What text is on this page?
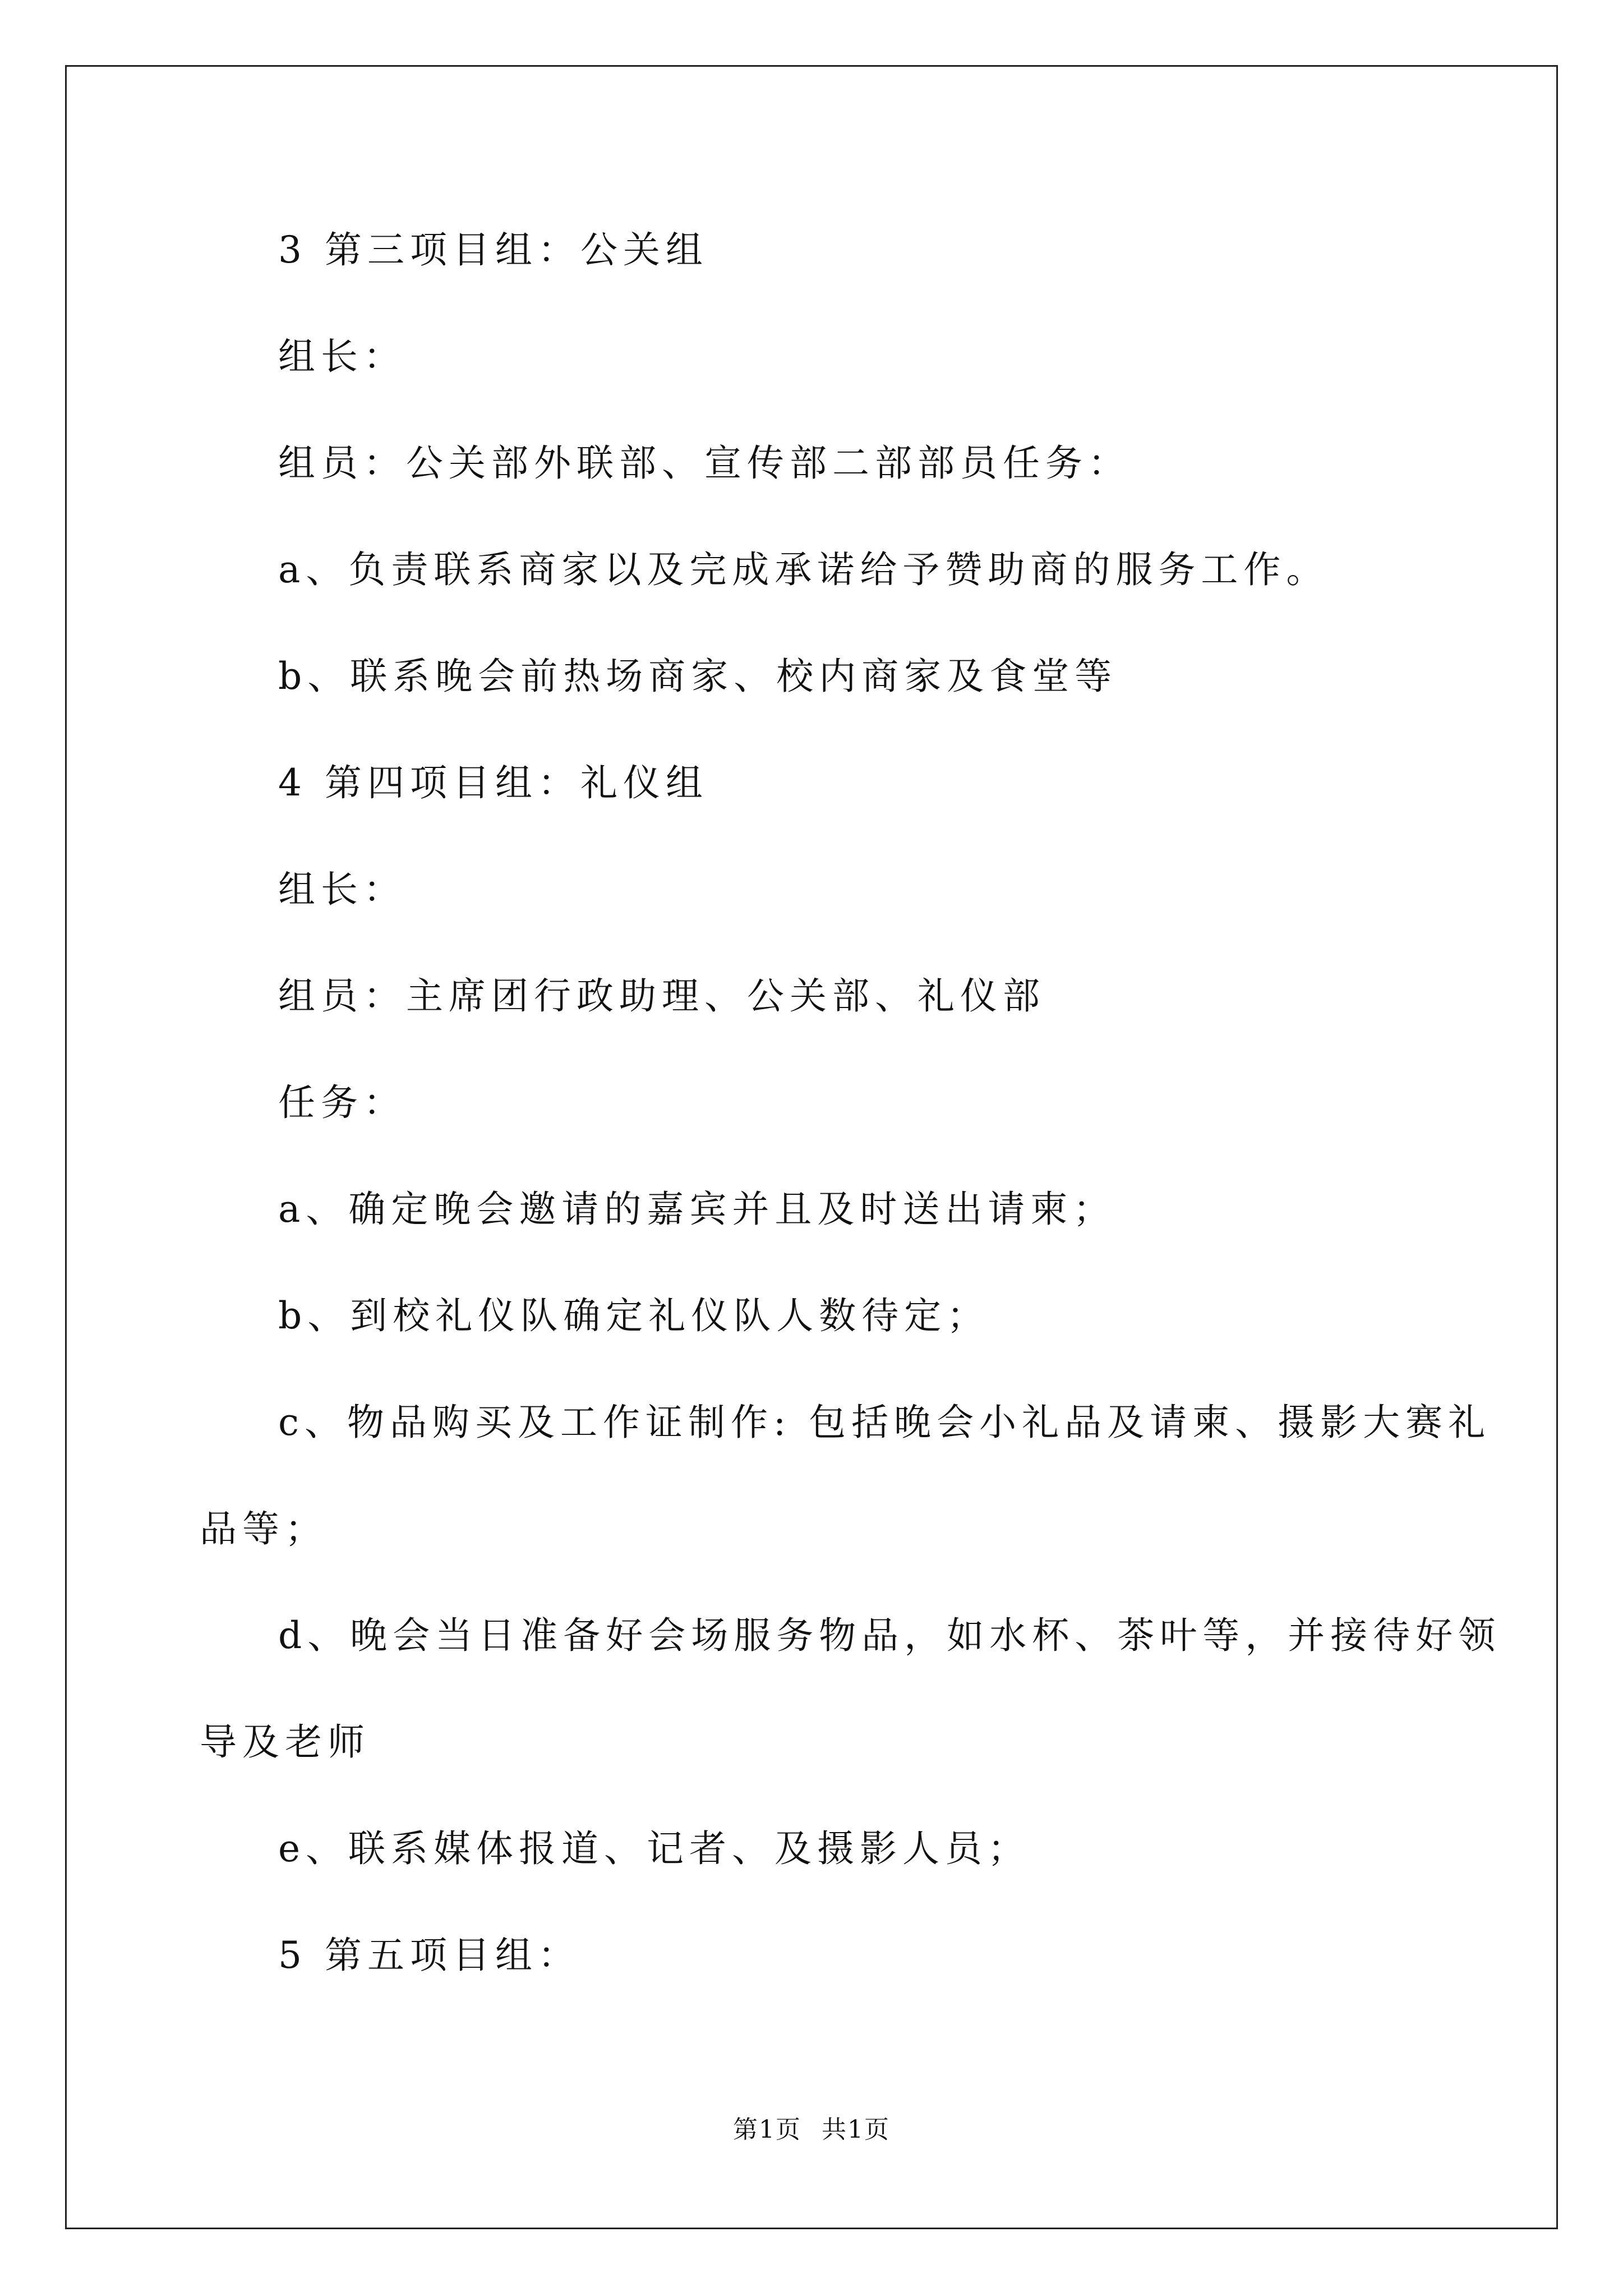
3 第三项目组：公关组
组长：
组员：公关部外联部、宣传部二部部员任务：
a、负责联系商家以及完成承诺给予赞助商的服务工作。
b、联系晚会前热场商家、校内商家及食堂等
4 第四项目组：礼仪组
组长：
组员：主席团行政助理、公关部、礼仪部
任务：
a、确定晚会邀请的嘉宾并且及时送出请柬；
b、到校礼仪队确定礼仪队人数待定；
c、物品购买及工作证制作: 包括晚会小礼品及请柬、摄影大赛礼
品等；
d、晚会当日准备好会场服务物品，如水杯、茶叶等，并接待好领
导及老师
e、联系媒体报道、记者、及摄影人员；
5 第五项目组：
第1页 共1页
